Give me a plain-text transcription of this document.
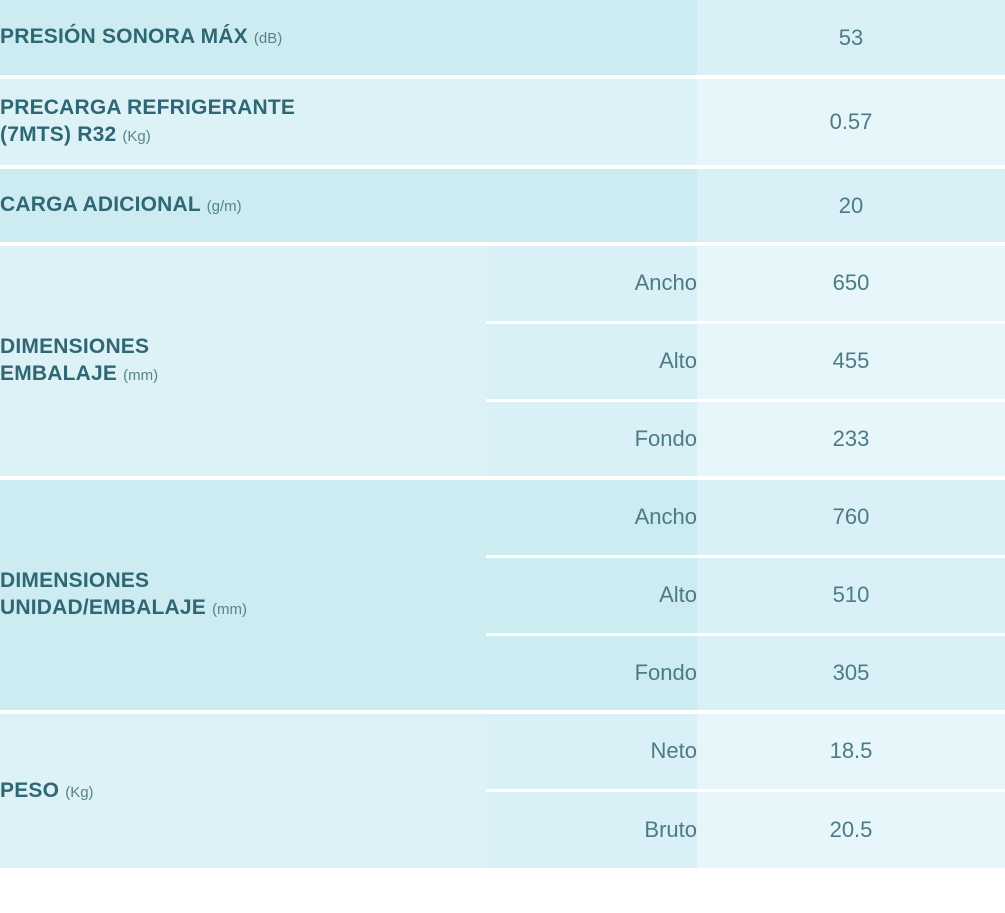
PRESIÓN SONORA MÁX (dB)		53

PRECARGA REFRIGERANTE
(7MTS) R32 (Kg)		0.57
CARGA ADICIONAL (g/m)		20

DIMENSIONES
EMBALAJE (mm)	Ancho	650
	Alto	455
	Fondo	233

DIMENSIONES
UNIDAD/EMBALAJE (mm)	Ancho	760
	Alto	510
	Fondo	305

PESO (Kg)	Neto	18.5
	Bruto	20.5
